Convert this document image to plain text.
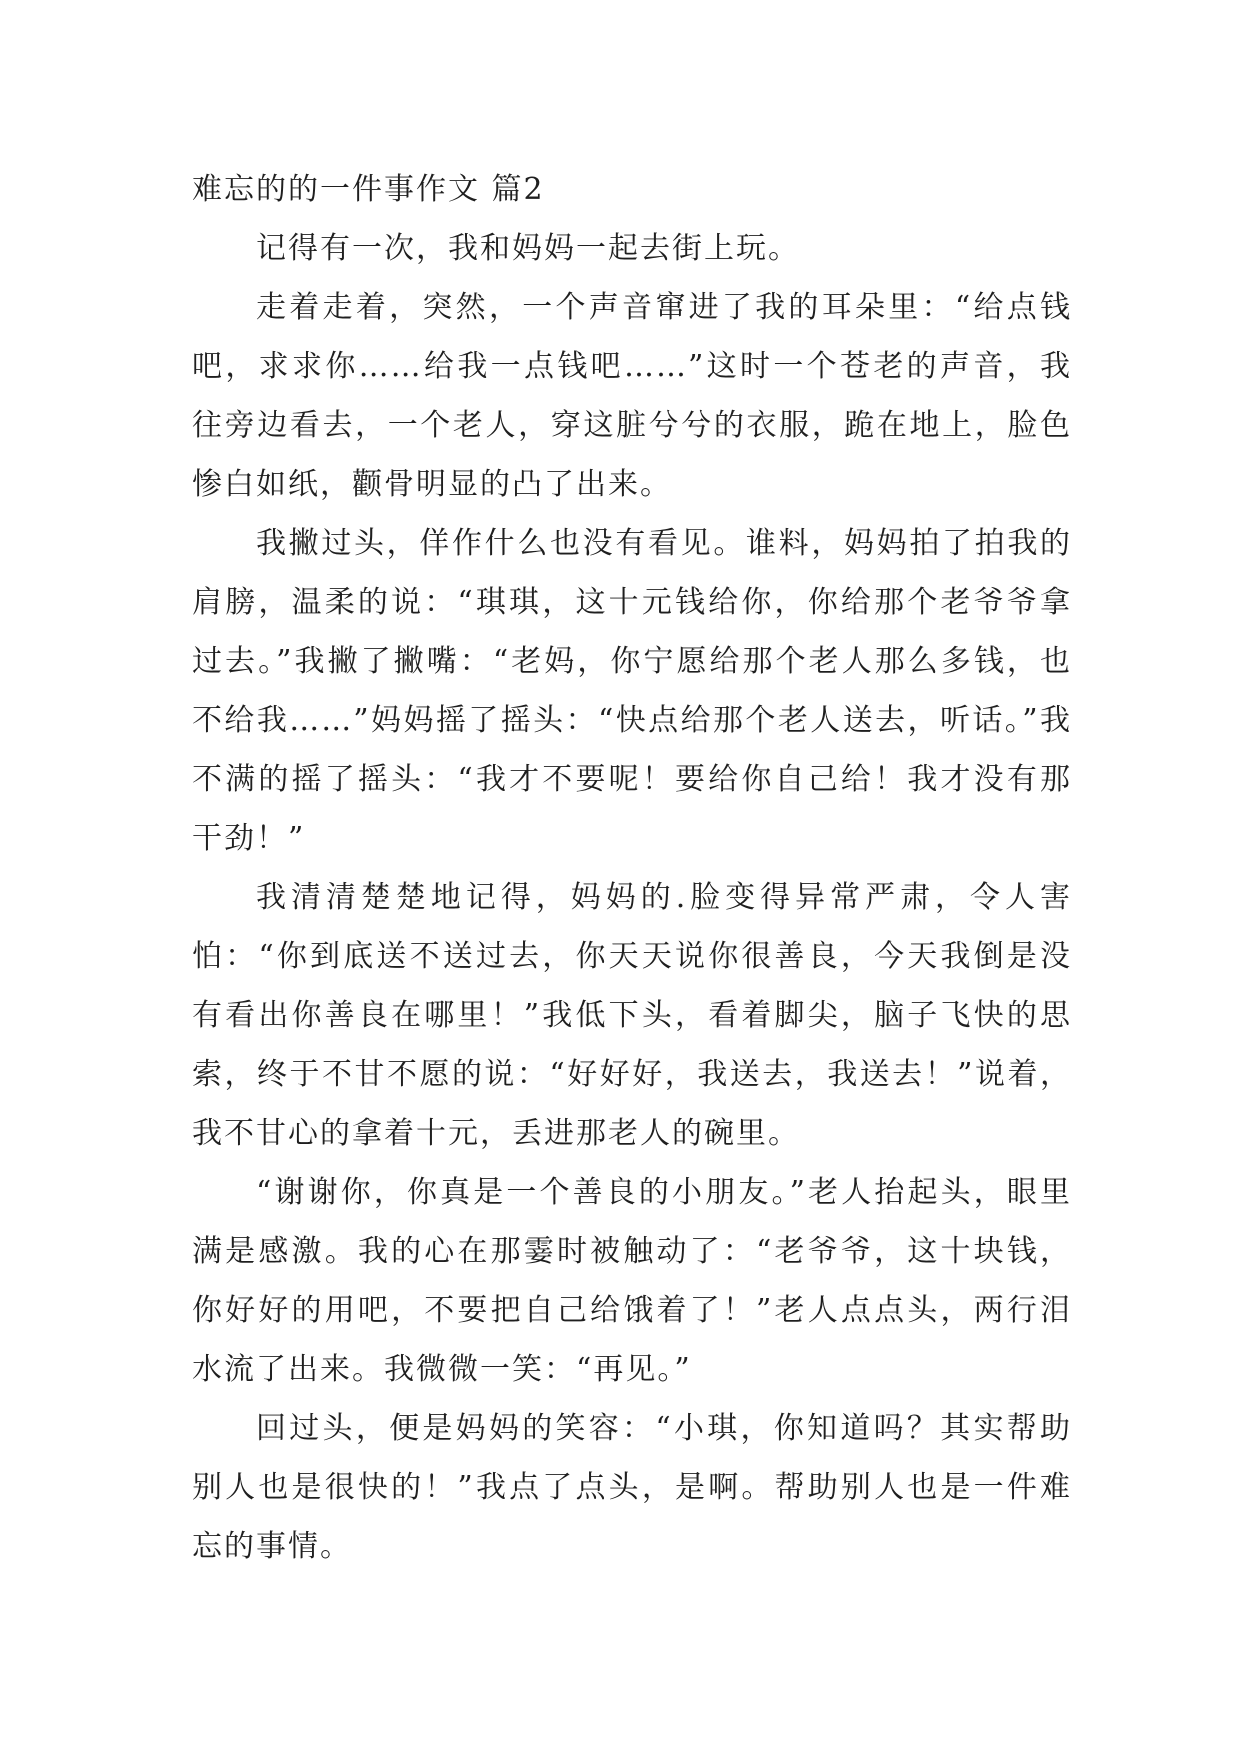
难忘的的一件事作文 篇2

记得有一次，我和妈妈一起去街上玩。

走着走着，突然，一个声音窜进了我的耳朵里：“给点钱吧，求求你……给我一点钱吧……”这时一个苍老的声音，我往旁边看去，一个老人，穿这脏兮兮的衣服，跪在地上，脸色惨白如纸，颧骨明显的凸了出来。

我撇过头，佯作什么也没有看见。谁料，妈妈拍了拍我的肩膀，温柔的说：“琪琪，这十元钱给你，你给那个老爷爷拿过去。”我撇了撇嘴：“老妈，你宁愿给那个老人那么多钱，也不给我……”妈妈摇了摇头：“快点给那个老人送去，听话。”我不满的摇了摇头：“我才不要呢！要给你自己给！我才没有那干劲！”

我清清楚楚地记得，妈妈的.脸变得异常严肃，令人害怕：“你到底送不送过去，你天天说你很善良，今天我倒是没有看出你善良在哪里！”我低下头，看着脚尖，脑子飞快的思索，终于不甘不愿的说：“好好好，我送去，我送去！”说着，我不甘心的拿着十元，丢进那老人的碗里。

“谢谢你，你真是一个善良的小朋友。”老人抬起头，眼里满是感激。我的心在那霎时被触动了：“老爷爷，这十块钱，你好好的用吧，不要把自己给饿着了！”老人点点头，两行泪水流了出来。我微微一笑：“再见。”

回过头，便是妈妈的笑容：“小琪，你知道吗？其实帮助别人也是很快的！”我点了点头，是啊。帮助别人也是一件难忘的事情。
